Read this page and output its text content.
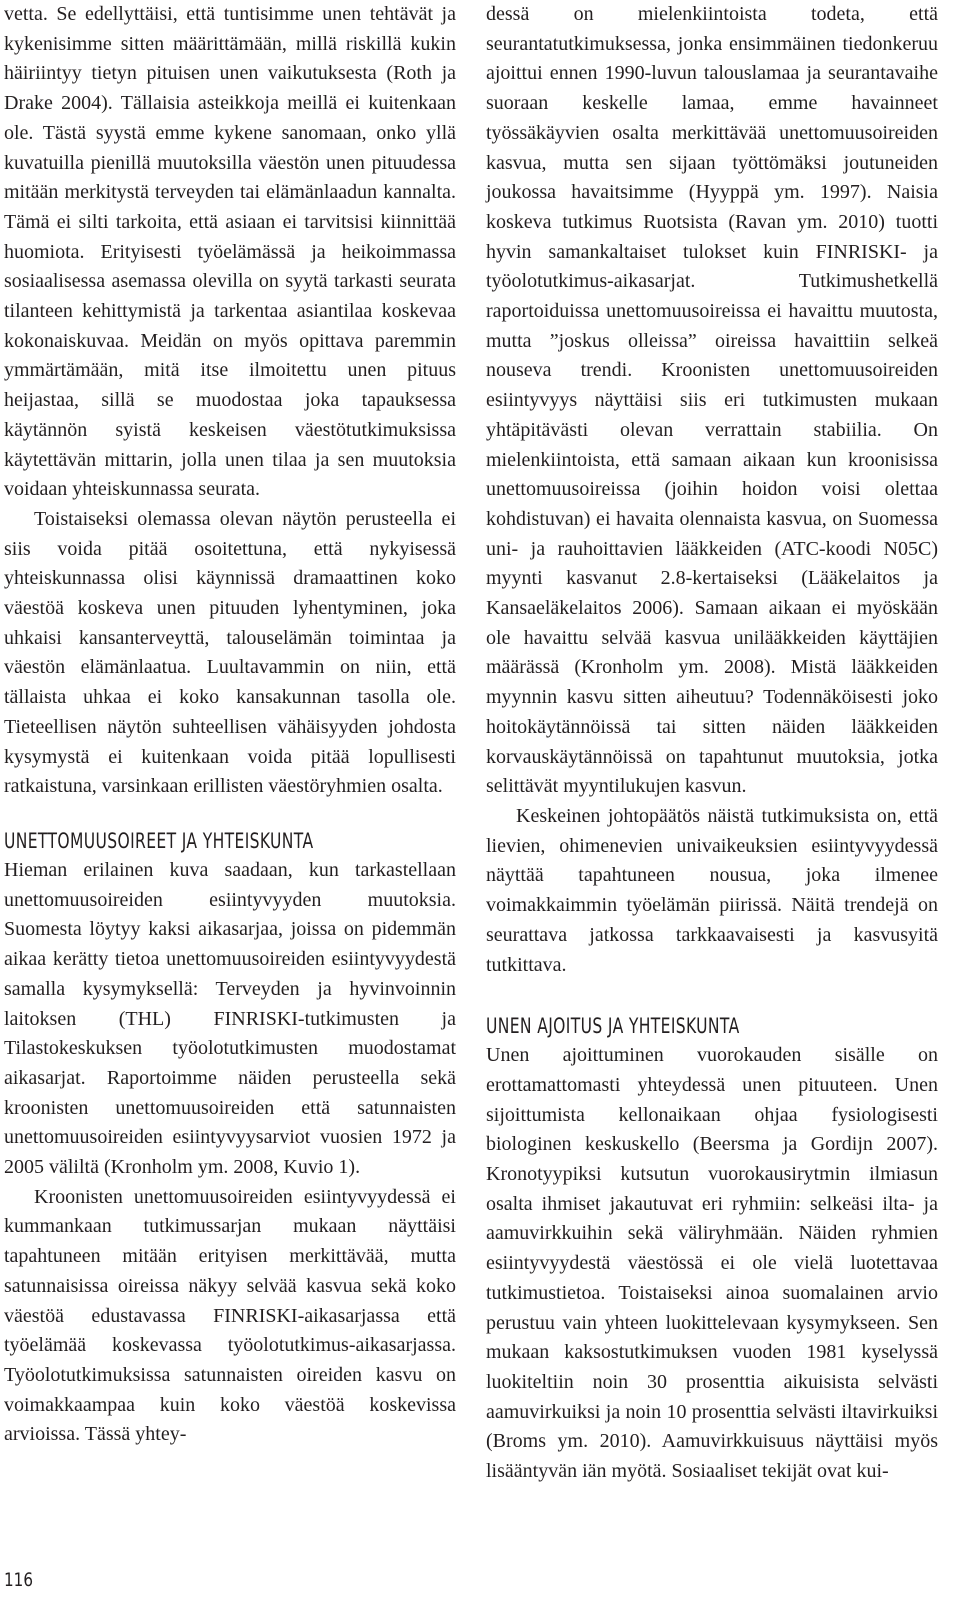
vetta. Se edellyttäisi, että tuntisimme unen tehtävät ja kykenisimme sitten määrittämään, millä riskillä kukin häiriintyy tietyn pituisen unen vaikutuksesta (Roth ja Drake 2004). Tällaisia asteikkoja meillä ei kuitenkaan ole. Tästä syystä emme kykene sanomaan, onko yllä kuvatuilla pienillä muutoksilla väestön unen pituudessa mitään merkitystä terveyden tai elämänlaadun kannalta. Tämä ei silti tarkoita, että asiaan ei tarvitsisi kiinnittää huomiota. Erityisesti työelämässä ja heikoimmassa sosiaalisessa asemassa olevilla on syytä tarkasti seurata tilanteen kehittymistä ja tarkentaa asiantilaa koskevaa kokonaiskuvaa. Meidän on myös opittava paremmin ymmärtämään, mitä itse ilmoitettu unen pituus heijastaa, sillä se muodostaa joka tapauksessa käytännön syistä keskeisen väestötutkimuksissa käytettävän mittarin, jolla unen tilaa ja sen muutoksia voidaan yhteiskunnassa seurata.

Toistaiseksi olemassa olevan näytön perusteella ei siis voida pitää osoitettuna, että nykyisessä yhteiskunnassa olisi käynnissä dramaattinen koko väestöä koskeva unen pituuden lyhentyminen, joka uhkaisi kansanterveyttä, talouselämän toimintaa ja väestön elämänlaatua. Luultavammin on niin, että tällaista uhkaa ei koko kansakunnan tasolla ole. Tieteellisen näytön suhteellisen vähäisyyden johdosta kysymystä ei kuitenkaan voida pitää lopullisesti ratkaistuna, varsinkaan erillisten väestöryhmien osalta.

UNETTOMUUSOIREET JA YHTEISKUNTA

Hieman erilainen kuva saadaan, kun tarkastellaan unettomuusoireiden esiintyvyyden muutoksia. Suomesta löytyy kaksi aikasarjaa, joissa on pidemmän aikaa kerätty tietoa unettomuusoireiden esiintyvyydestä samalla kysymyksellä: Terveyden ja hyvinvoinnin laitoksen (THL) FINRISKI-tutkimusten ja Tilastokeskuksen työolotutkimusten muodostamat aikasarjat. Raportoimme näiden perusteella sekä kroonisten unettomuusoireiden että satunnaisten unettomuusoireiden esiintyvyysarviot vuosien 1972 ja 2005 väliltä (Kronholm ym. 2008, Kuvio 1).

Kroonisten unettomuusoireiden esiintyvyydessä ei kummankaan tutkimussarjan mukaan näyttäisi tapahtuneen mitään erityisen merkittävää, mutta satunnaisissa oireissa näkyy selvää kasvua sekä koko väestöä edustavassa FINRISKI-aikasarjassa että työelämää koskevassa työolotutkimus-aikasarjassa. Työolotutkimuksissa satunnaisten oireiden kasvu on voimakkaampaa kuin koko väestöä koskevissa arvioissa. Tässä yhtey-

dessä on mielenkiintoista todeta, että seurantatutkimuksessa, jonka ensimmäinen tiedonkeruu ajoittui ennen 1990-luvun talouslamaa ja seurantavaihe suoraan keskelle lamaa, emme havainneet työssäkäyvien osalta merkittävää unettomuusoireiden kasvua, mutta sen sijaan työttömäksi joutuneiden joukossa havaitsimme (Hyyppä ym. 1997). Naisia koskeva tutkimus Ruotsista (Ravan ym. 2010) tuotti hyvin samankaltaiset tulokset kuin FINRISKI- ja työolotutkimus-aikasarjat. Tutkimushetkellä raportoiduissa unettomuusoireissa ei havaittu muutosta, mutta ”joskus olleissa” oireissa havaittiin selkeä nouseva trendi. Kroonisten unettomuusoireiden esiintyvyys näyttäisi siis eri tutkimusten mukaan yhtäpitävästi olevan verrattain stabiilia. On mielenkiintoista, että samaan aikaan kun kroonisissa unettomuusoireissa (joihin hoidon voisi olettaa kohdistuvan) ei havaita olennaista kasvua, on Suomessa uni- ja rauhoittavien lääkkeiden (ATC-koodi N05C) myynti kasvanut 2.8-kertaiseksi (Lääkelaitos ja Kansaeläkelaitos 2006). Samaan aikaan ei myöskään ole havaittu selvää kasvua unilääkkeiden käyttäjien määrässä (Kronholm ym. 2008). Mistä lääkkeiden myynnin kasvu sitten aiheutuu? Todennäköisesti joko hoitokäytännöissä tai sitten näiden lääkkeiden korvauskäytännöissä on tapahtunut muutoksia, jotka selittävät myyntilukujen kasvun.

Keskeinen johtopäätös näistä tutkimuksista on, että lievien, ohimenevien univaikeuksien esiintyvyydessä näyttää tapahtuneen nousua, joka ilmenee voimakkaimmin työelämän piirissä. Näitä trendejä on seurattava jatkossa tarkkaavaisesti ja kasvusyitä tutkittava.

UNEN AJOITUS JA YHTEISKUNTA

Unen ajoittuminen vuorokauden sisälle on erottamattomasti yhteydessä unen pituuteen. Unen sijoittumista kellonaikaan ohjaa fysiologisesti biologinen keskuskello (Beersma ja Gordijn 2007). Kronotyypiksi kutsutun vuorokausirytmin ilmiasun osalta ihmiset jakautuvat eri ryhmiin: selkeäsi ilta- ja aamuvirkkuihin sekä väliryhmään. Näiden ryhmien esiintyvyydestä väestössä ei ole vielä luotettavaa tutkimustietoa. Toistaiseksi ainoa suomalainen arvio perustuu vain yhteen luokittelevaan kysymykseen. Sen mukaan kaksostutkimuksen vuoden 1981 kyselyssä luokiteltiin noin 30 prosenttia aikuisista selvästi aamuvirkuiksi ja noin 10 prosenttia selvästi iltavirkuiksi (Broms ym. 2010). Aamuvirkkuisuus näyttäisi myös lisääntyvän iän myötä. Sosiaaliset tekijät ovat kui-

116
